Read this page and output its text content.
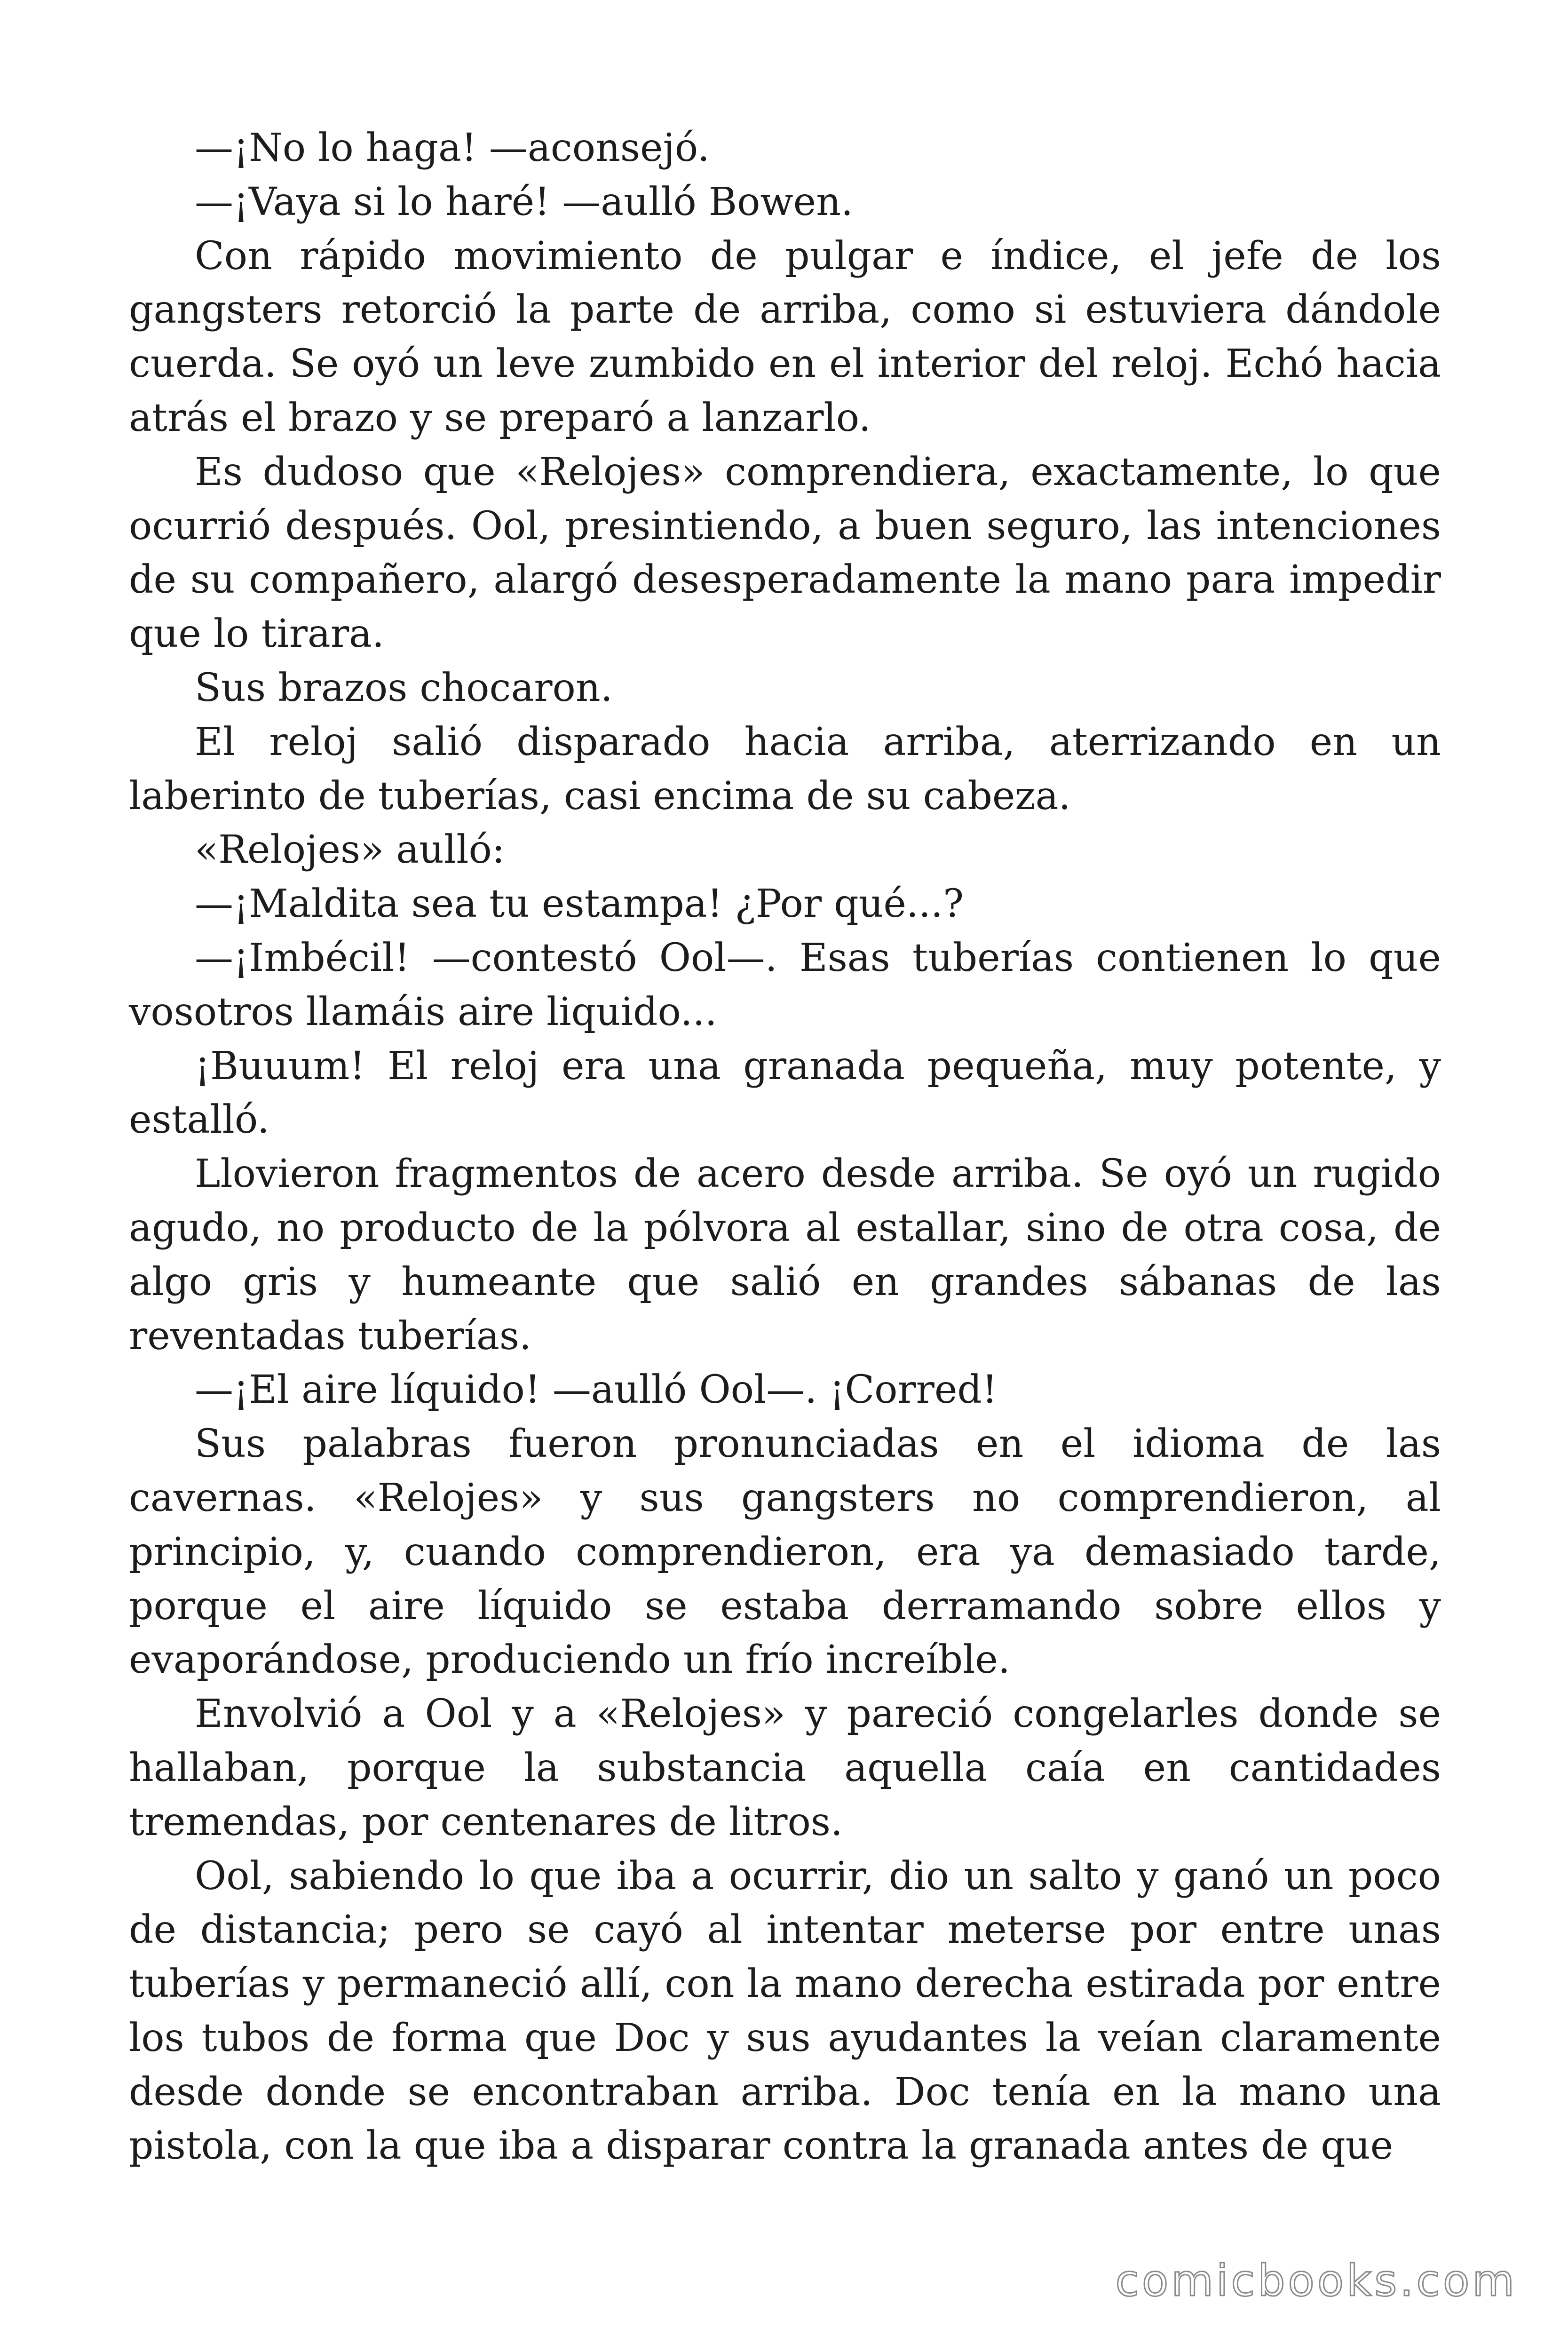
—¡No lo haga! —aconsejó.

—¡Vaya si lo haré! —aulló Bowen.

Con rápido movimiento de pulgar e índice, el jefe de los gangsters retorció la parte de arriba, como si estuviera dándole cuerda. Se oyó un leve zumbido en el interior del reloj. Echó hacia atrás el brazo y se preparó a lanzarlo.

Es dudoso que «Relojes» comprendiera, exactamente, lo que ocurrió después. Ool, presintiendo, a buen seguro, las intenciones de su compañero, alargó desesperadamente la mano para impedir que lo tirara.

Sus brazos chocaron.

El reloj salió disparado hacia arriba, aterrizando en un laberinto de tuberías, casi encima de su cabeza.

«Relojes» aulló:

—¡Maldita sea tu estampa! ¿Por qué...?

—¡Imbécil! —contestó Ool—. Esas tuberías contienen lo que vosotros llamáis aire liquido...

¡Buuum! El reloj era una granada pequeña, muy potente, y estalló.

Llovieron fragmentos de acero desde arriba. Se oyó un rugido agudo, no producto de la pólvora al estallar, sino de otra cosa, de algo gris y humeante que salió en grandes sábanas de las reventadas tuberías.

—¡El aire líquido! —aulló Ool—. ¡Corred!

Sus palabras fueron pronunciadas en el idioma de las cavernas. «Relojes» y sus gangsters no comprendieron, al principio, y, cuando comprendieron, era ya demasiado tarde, porque el aire líquido se estaba derramando sobre ellos y evaporándose, produciendo un frío increíble.

Envolvió a Ool y a «Relojes» y pareció congelarles donde se hallaban, porque la substancia aquella caía en cantidades tremendas, por centenares de litros.

Ool, sabiendo lo que iba a ocurrir, dio un salto y ganó un poco de distancia; pero se cayó al intentar meterse por entre unas tuberías y permaneció allí, con la mano derecha estirada por entre los tubos de forma que Doc y sus ayudantes la veían claramente desde donde se encontraban arriba. Doc tenía en la mano una pistola, con la que iba a disparar contra la granada antes de que

comicbooks.com
